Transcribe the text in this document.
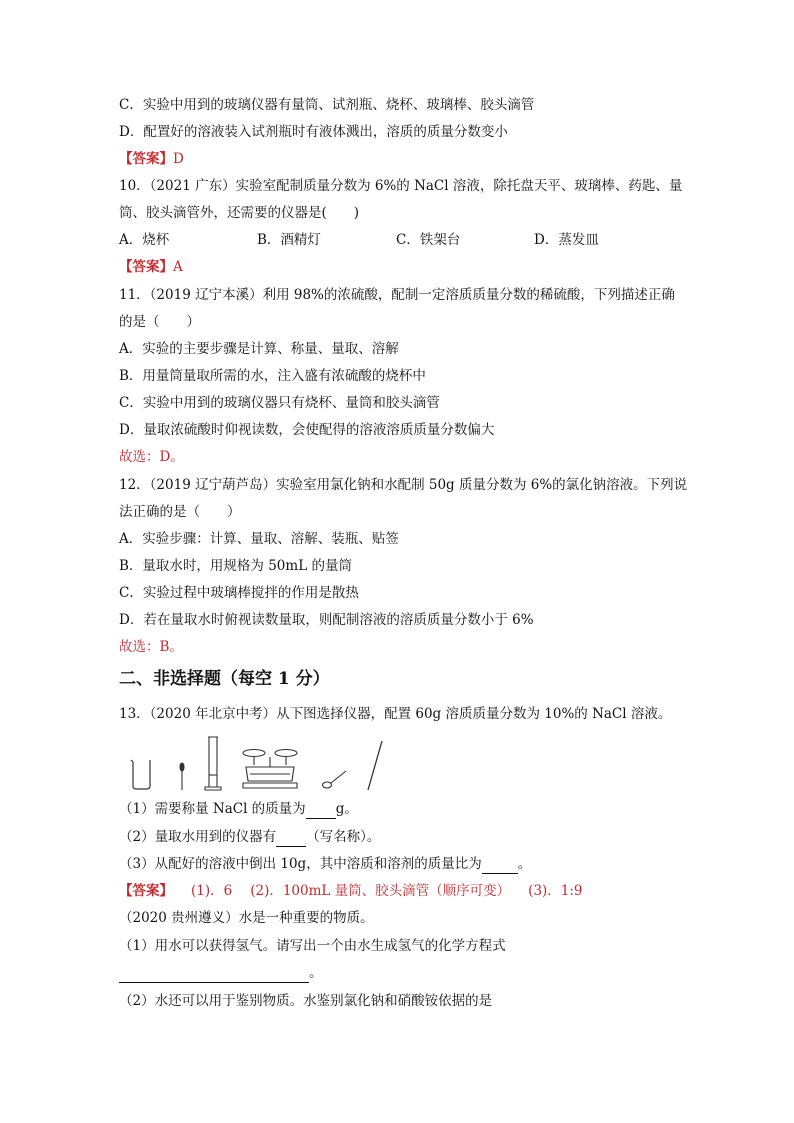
C．实验中用到的玻璃仪器有量筒、试剂瓶、烧杯、玻璃棒、胶头滴管
D．配置好的溶液装入试剂瓶时有液体溅出，溶质的质量分数变小
【答案】D
10．（2021 广东）实验室配制质量分数为 6%的 NaCl 溶液，除托盘天平、玻璃棒、药匙、量
筒、胶头滴管外，还需要的仪器是(　　)
A．烧杯	B．酒精灯	C．铁架台	D．蒸发皿
【答案】A
11．（2019 辽宁本溪）利用 98%的浓硫酸，配制一定溶质质量分数的稀硫酸，下列描述正确
的是（　　）
A．实验的主要步骤是计算、称量、量取、溶解
B．用量筒量取所需的水，注入盛有浓硫酸的烧杯中
C．实验中用到的玻璃仪器只有烧杯、量筒和胶头滴管
D．量取浓硫酸时仰视读数，会使配得的溶液溶质质量分数偏大
故选：D。
12．（2019 辽宁葫芦岛）实验室用氯化钠和水配制 50g 质量分数为 6%的氯化钠溶液。下列说
法正确的是（　　）
A．实验步骤：计算、量取、溶解、装瓶、贴签
B．量取水时，用规格为 50mL 的量筒
C．实验过程中玻璃棒搅拌的作用是散热
D．若在量取水时俯视读数量取，则配制溶液的溶质质量分数小于 6%
故选：B。
二、非选择题（每空 1 分）
13．（2020 年北京中考）从下图选择仪器，配置 60g 溶质质量分数为 10%的 NaCl 溶液。
（1）需要称量 NaCl 的质量为 g。
（2）量取水用到的仪器有 （写名称）。
（3）从配好的溶液中倒出 10g，其中溶质和溶剂的质量比为	。
【答案】 (1)．6 (2)．100mL 量筒、胶头滴管（顺序可变） (3)．1:9
（2020 贵州遵义）水是一种重要的物质。
（1）用水可以获得氢气。请写出一个由水生成氢气的化学方程式
。
（2）水还可以用于鉴别物质。水鉴别氯化钠和硝酸铵依据的是
